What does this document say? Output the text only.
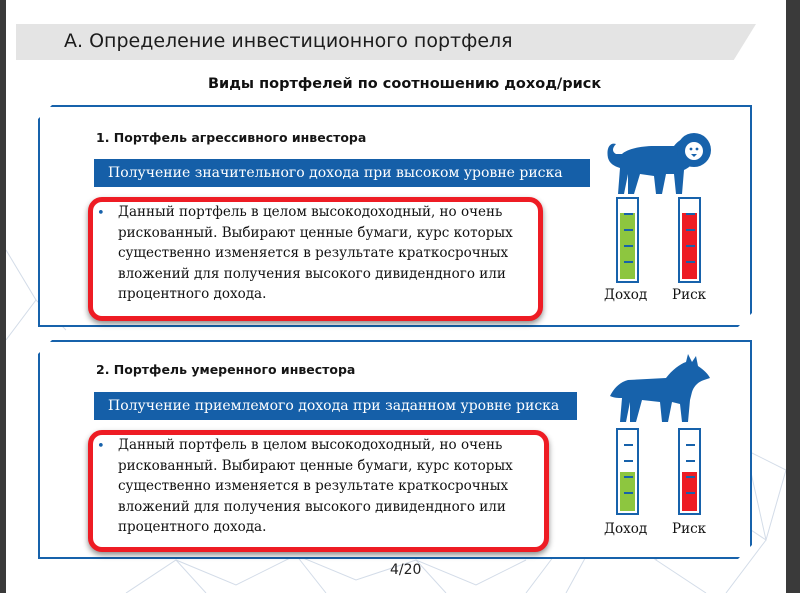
А. Определение инвестиционного портфеля
Виды портфелей по соотношению доход/риск
1. Портфель агрессивного инвестора
Получение значительного дохода при высоком уровне риска
• Данный портфель в целом высокодоходный, но очень рискованный. Выбирают ценные бумаги, курс которых существенно изменяется в результате краткосрочных вложений для получения высокого дивидендного или процентного дохода.	Доход Риск
2. Портфель умеренного инвестора
Получение приемлемого дохода при заданном уровне риска
• Данный портфель в целом высокодоходный, но очень рискованный. Выбирают ценные бумаги, курс которых существенно изменяется в результате краткосрочных вложений для получения высокого дивидендного или процентного дохода.	Доход Риск
4/20
